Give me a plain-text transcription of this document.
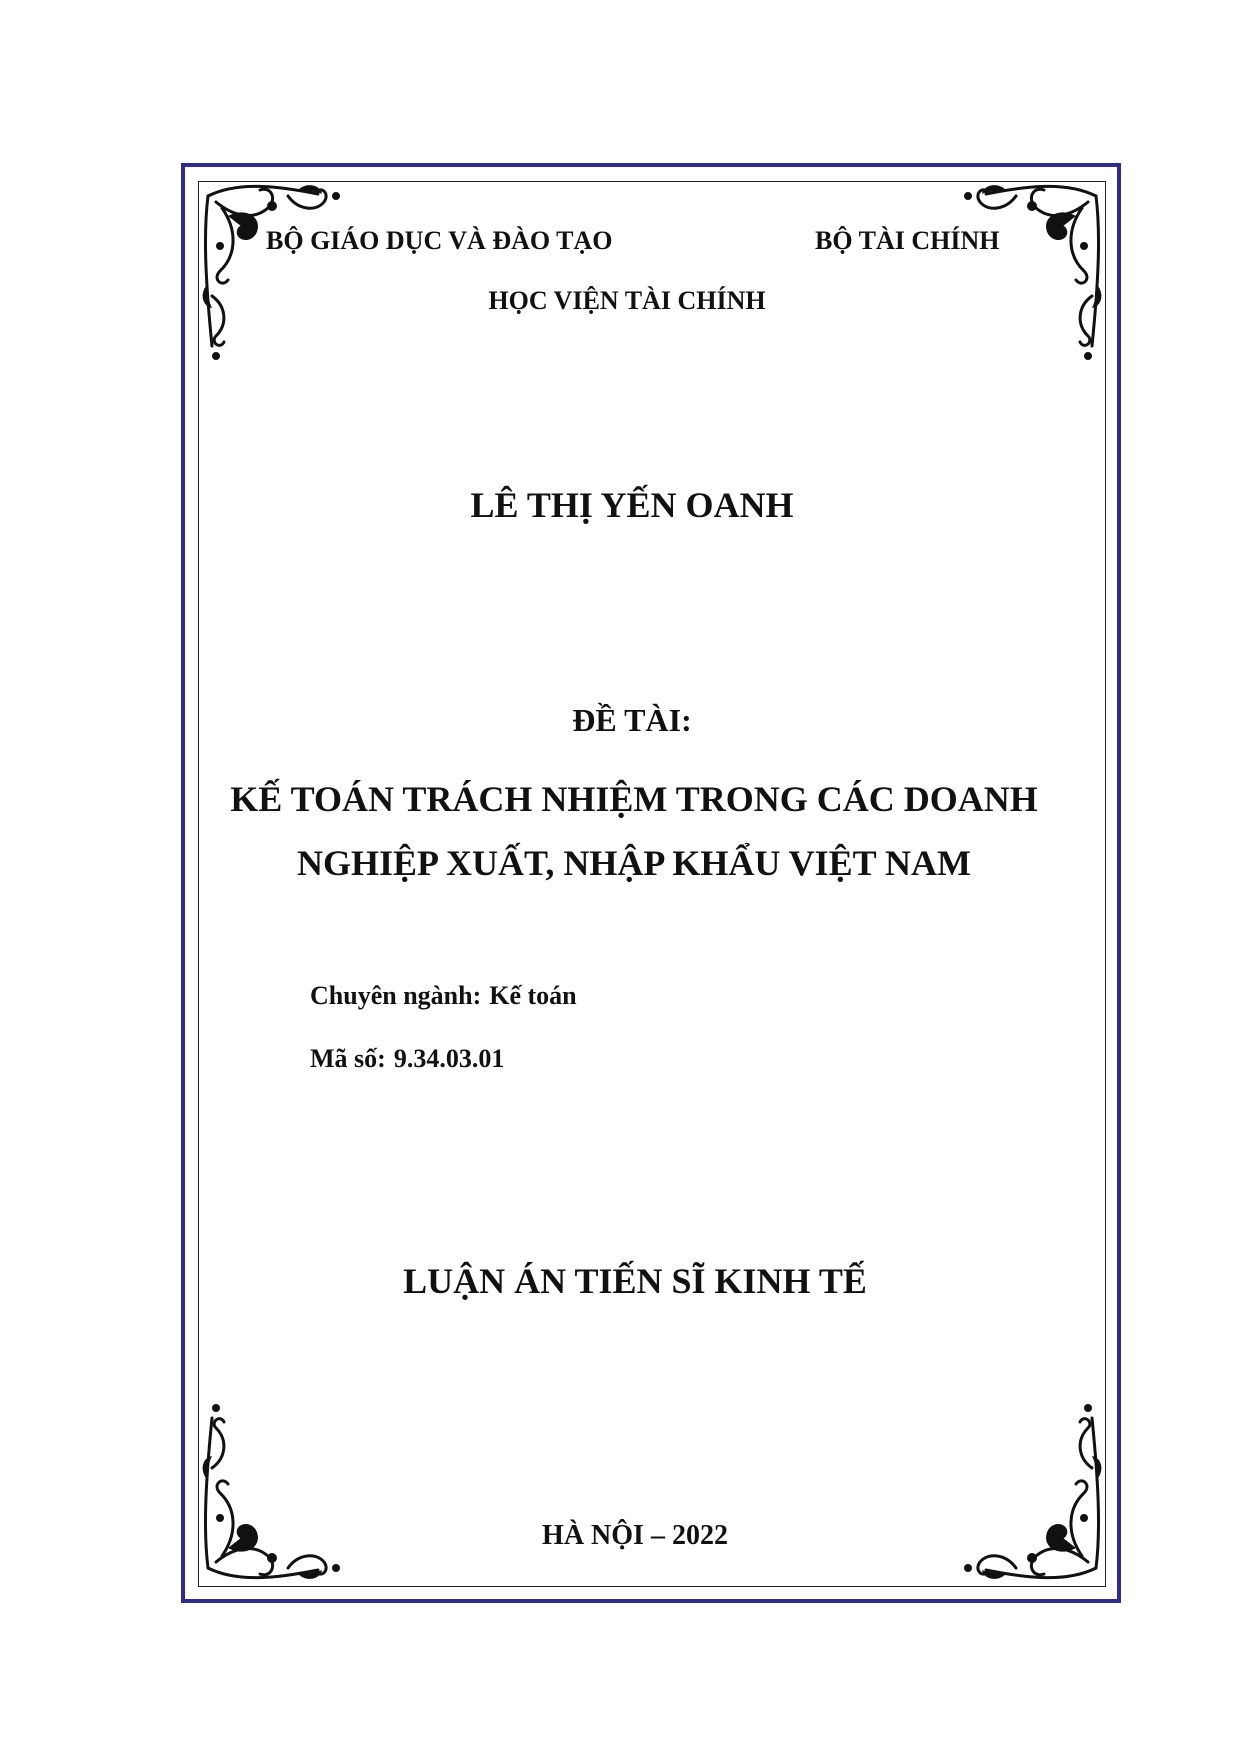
BỘ GIÁO DỤC VÀ ĐÀO TẠO	BỘ TÀI CHÍNH
HỌC VIỆN TÀI CHÍNH
LÊ THỊ YẾN OANH
ĐỀ TÀI:
KẾ TOÁN TRÁCH NHIỆM TRONG CÁC DOANH
NGHIỆP XUẤT, NHẬP KHẨU VIỆT NAM
Chuyên ngành: Kế toán
Mã số: 9.34.03.01
LUẬN ÁN TIẾN SĨ KINH TẾ
HÀ NỘI – 2022
